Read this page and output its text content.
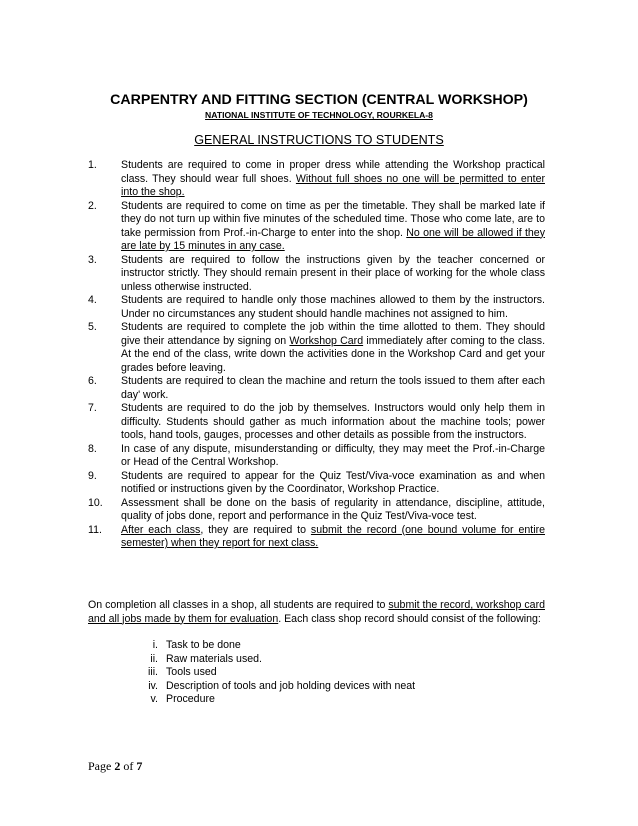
CARPENTRY AND FITTING SECTION (CENTRAL WORKSHOP)
NATIONAL INSTITUTE OF TECHNOLOGY, ROURKELA-8
GENERAL INSTRUCTIONS TO STUDENTS
1. Students are required to come in proper dress while attending the Workshop practical class. They should wear full shoes. Without full shoes no one will be permitted to enter into the shop.
2. Students are required to come on time as per the timetable. They shall be marked late if they do not turn up within five minutes of the scheduled time. Those who come late, are to take permission from Prof.-in-Charge to enter into the shop. No one will be allowed if they are late by 15 minutes in any case.
3. Students are required to follow the instructions given by the teacher concerned or instructor strictly. They should remain present in their place of working for the whole class unless otherwise instructed.
4. Students are required to handle only those machines allowed to them by the instructors. Under no circumstances any student should handle machines not assigned to him.
5. Students are required to complete the job within the time allotted to them. They should give their attendance by signing on Workshop Card immediately after coming to the class. At the end of the class, write down the activities done in the Workshop Card and get your grades before leaving.
6. Students are required to clean the machine and return the tools issued to them after each day' work.
7. Students are required to do the job by themselves. Instructors would only help them in difficulty. Students should gather as much information about the machine tools; power tools, hand tools, gauges, processes and other details as possible from the instructors.
8. In case of any dispute, misunderstanding or difficulty, they may meet the Prof.-in-Charge or Head of the Central Workshop.
9. Students are required to appear for the Quiz Test/Viva-voce examination as and when notified or instructions given by the Coordinator, Workshop Practice.
10. Assessment shall be done on the basis of regularity in attendance, discipline, attitude, quality of jobs done, report and performance in the Quiz Test/Viva-voce test.
11. After each class, they are required to submit the record (one bound volume for entire semester) when they report for next class.
On completion all classes in a shop, all students are required to submit the record, workshop card and all jobs made by them for evaluation. Each class shop record should consist of the following:
i. Task to be done
ii. Raw materials used.
iii. Tools used
iv. Description of tools and job holding devices with neat
v. Procedure
Page 2 of 7
